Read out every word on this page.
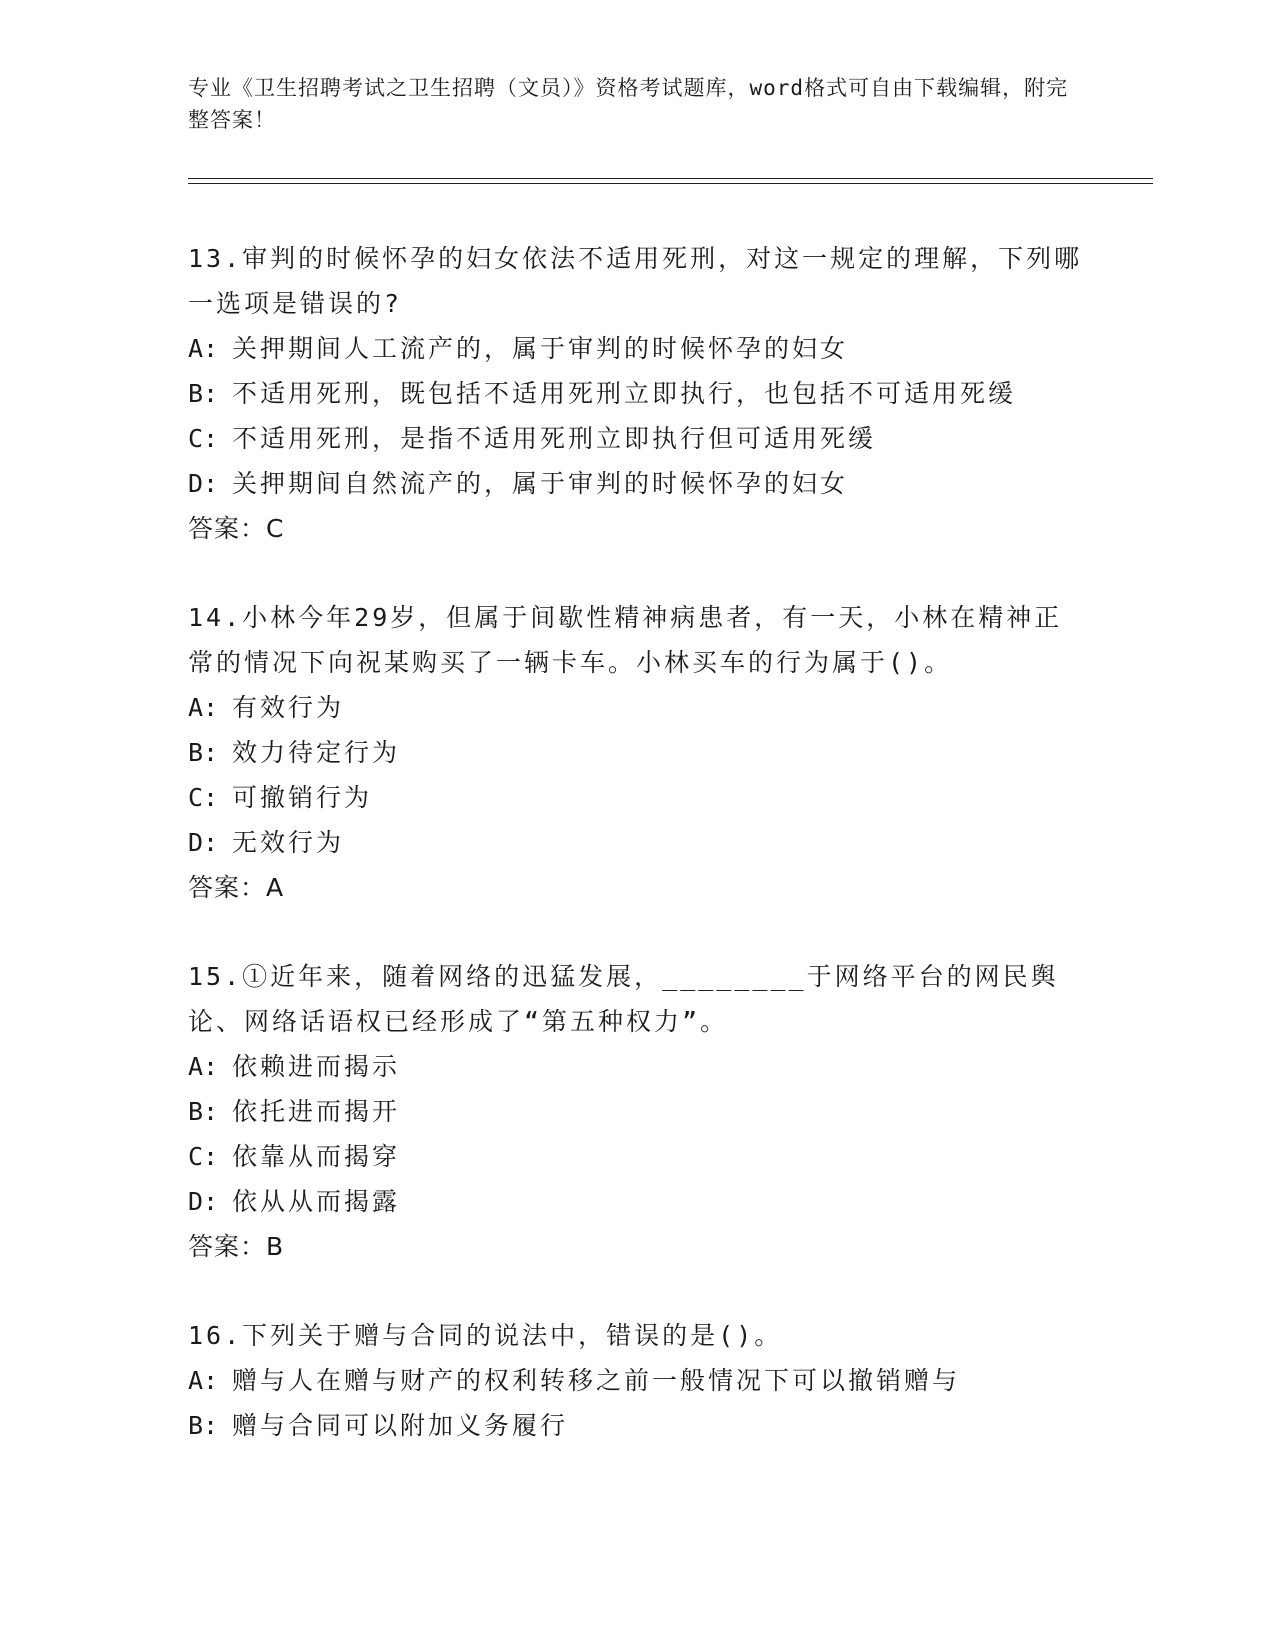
专业《卫生招聘考试之卫生招聘（文员）》资格考试题库，word格式可自由下载编辑，附完整答案！

13.审判的时候怀孕的妇女依法不适用死刑，对这一规定的理解，下列哪一选项是错误的?

A: 关押期间人工流产的，属于审判的时候怀孕的妇女

B: 不适用死刑，既包括不适用死刑立即执行，也包括不可适用死缓

C: 不适用死刑，是指不适用死刑立即执行但可适用死缓

D: 关押期间自然流产的，属于审判的时候怀孕的妇女

答案：C

14.小林今年29岁，但属于间歇性精神病患者，有一天，小林在精神正常的情况下向祝某购买了一辆卡车。小林买车的行为属于()。

A: 有效行为

B: 效力待定行为

C: 可撤销行为

D: 无效行为

答案：A

15.①近年来，随着网络的迅猛发展，________于网络平台的网民舆论、网络话语权已经形成了“第五种权力”。

A: 依赖进而揭示

B: 依托进而揭开

C: 依靠从而揭穿

D: 依从从而揭露

答案：B

16.下列关于赠与合同的说法中，错误的是()。

A: 赠与人在赠与财产的权利转移之前一般情况下可以撤销赠与

B: 赠与合同可以附加义务履行
